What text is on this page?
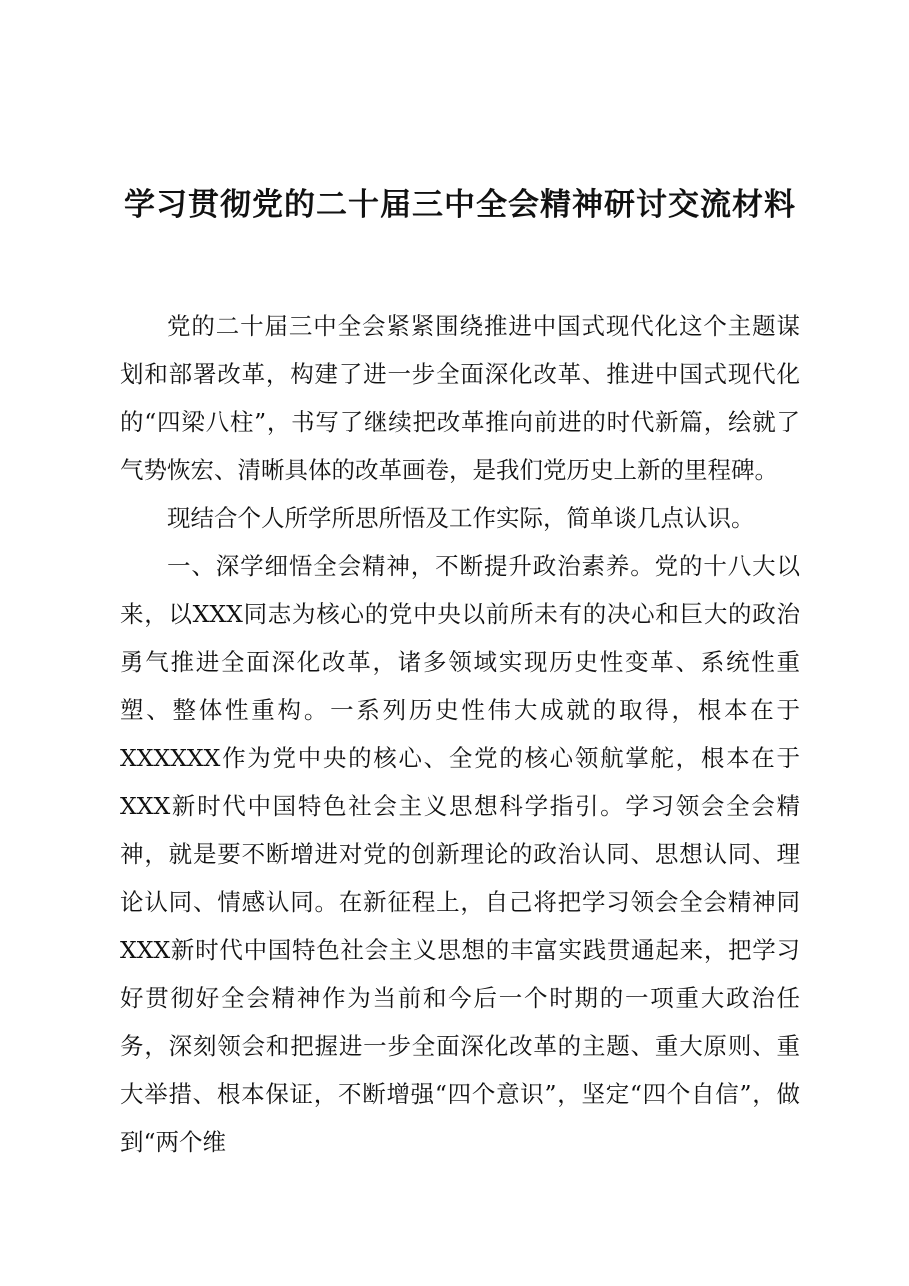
学习贯彻党的二十届三中全会精神研讨交流材料

党的二十届三中全会紧紧围绕推进中国式现代化这个主题谋划和部署改革，构建了进一步全面深化改革、推进中国式现代化的“四梁八柱”，书写了继续把改革推向前进的时代新篇，绘就了气势恢宏、清晰具体的改革画卷，是我们党历史上新的里程碑。

现结合个人所学所思所悟及工作实际，简单谈几点认识。

一、深学细悟全会精神，不断提升政治素养。党的十八大以来，以XXX同志为核心的党中央以前所未有的决心和巨大的政治勇气推进全面深化改革，诸多领域实现历史性变革、系统性重塑、整体性重构。一系列历史性伟大成就的取得，根本在于XXXXXX作为党中央的核心、全党的核心领航掌舵，根本在于XXX新时代中国特色社会主义思想科学指引。学习领会全会精神，就是要不断增进对党的创新理论的政治认同、思想认同、理论认同、情感认同。在新征程上，自己将把学习领会全会精神同XXX新时代中国特色社会主义思想的丰富实践贯通起来，把学习好贯彻好全会精神作为当前和今后一个时期的一项重大政治任务，深刻领会和把握进一步全面深化改革的主题、重大原则、重大举措、根本保证，不断增强“四个意识”，坚定“四个自信”，做到“两个维
